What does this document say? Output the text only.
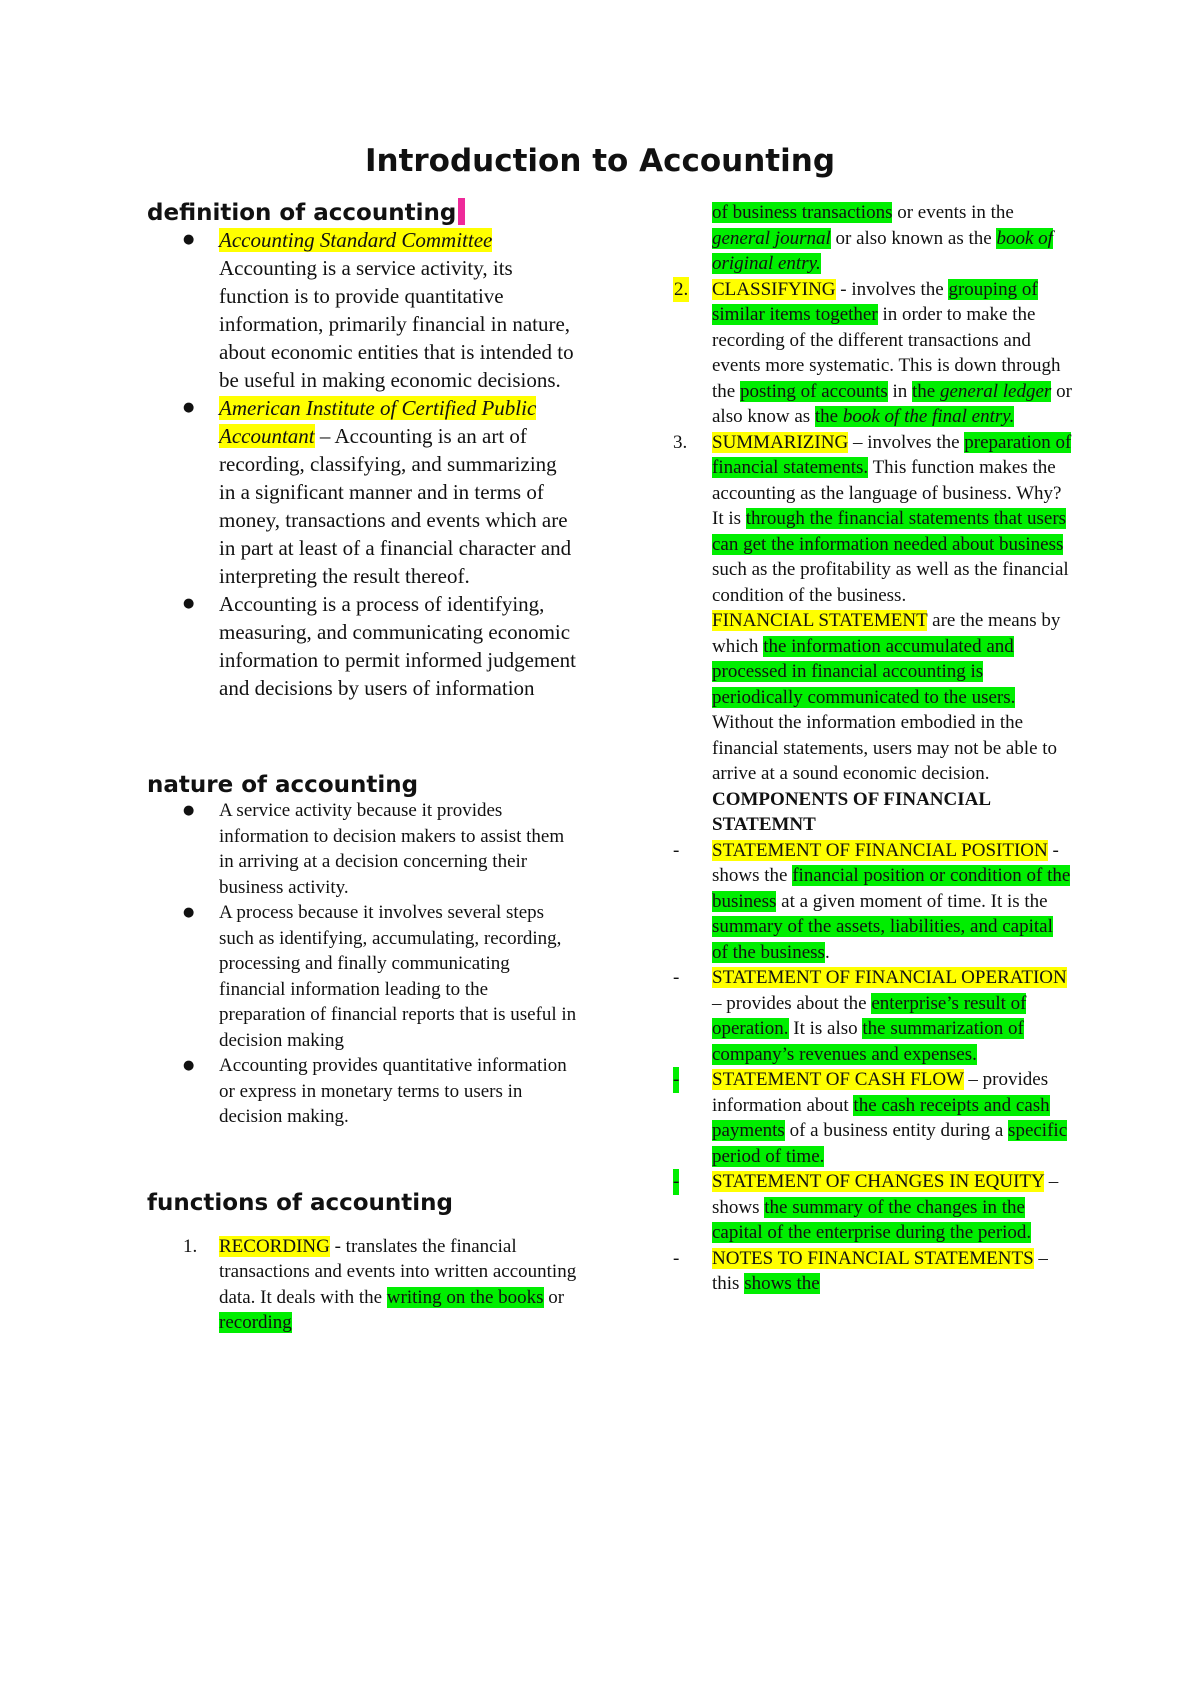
Introduction to Accounting
definition of accounting
● Accounting Standard Committee
Accounting is a service activity, its function is to provide quantitative information, primarily financial in nature, about economic entities that is intended to be useful in making economic decisions.
● American Institute of Certified Public Accountant – Accounting is an art of recording, classifying, and summarizing in a significant manner and in terms of money, transactions and events which are in part at least of a financial character and interpreting the result thereof.
● Accounting is a process of identifying, measuring, and communicating economic information to permit informed judgement and decisions by users of information
nature of accounting
● A service activity because it provides information to decision makers to assist them in arriving at a decision concerning their business activity.
● A process because it involves several steps such as identifying, accumulating, recording, processing and finally communicating financial information leading to the preparation of financial reports that is useful in decision making
● Accounting provides quantitative information or express in monetary terms to users in decision making.
functions of accounting
1. RECORDING - translates the financial transactions and events into written accounting data. It deals with the writing on the books or recording
of business transactions or events in the general journal or also known as the book of original entry.
2. CLASSIFYING - involves the grouping of similar items together in order to make the recording of the different transactions and events more systematic. This is down through the posting of accounts in the general ledger or also know as the book of the final entry.
3. SUMMARIZING – involves the preparation of financial statements. This function makes the accounting as the language of business. Why? It is through the financial statements that users can get the information needed about business such as the profitability as well as the financial condition of the business.
FINANCIAL STATEMENT are the means by which the information accumulated and processed in financial accounting is periodically communicated to the users. Without the information embodied in the financial statements, users may not be able to arrive at a sound economic decision.
COMPONENTS OF FINANCIAL STATEMNT
- STATEMENT OF FINANCIAL POSITION - shows the financial position or condition of the business at a given moment of time. It is the summary of the assets, liabilities, and capital of the business.
- STATEMENT OF FINANCIAL OPERATION – provides about the enterprise’s result of operation. It is also the summarization of company’s revenues and expenses.
- STATEMENT OF CASH FLOW – provides information about the cash receipts and cash payments of a business entity during a specific period of time.
- STATEMENT OF CHANGES IN EQUITY – shows the summary of the changes in the capital of the enterprise during the period.
- NOTES TO FINANCIAL STATEMENTS – this shows the
